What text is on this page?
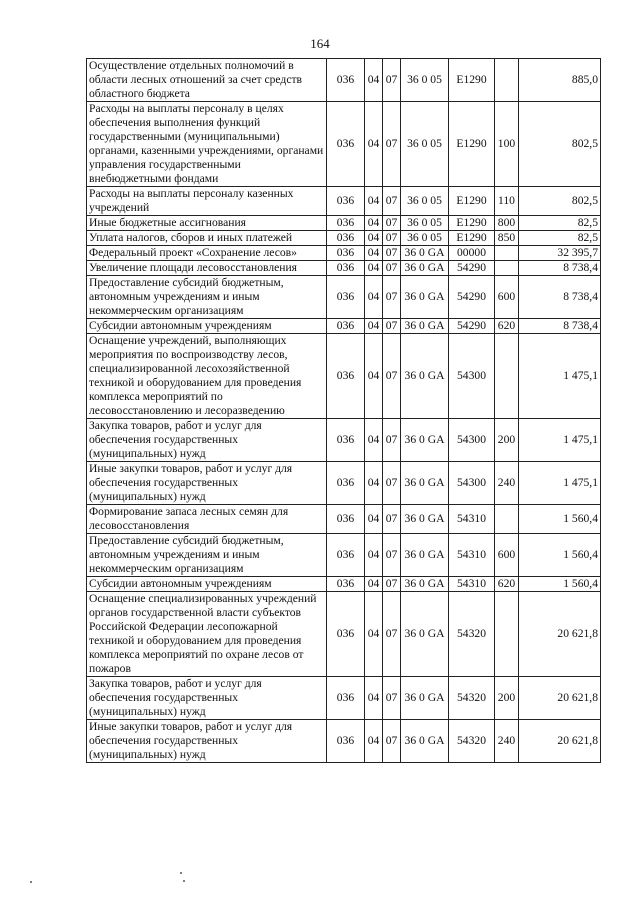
164
Осуществление отдельных полномочий в области лесных отношений за счет средств областного бюджета	036	04	07	36 0 05	E1290		885,0
Расходы на выплаты персоналу в целях обеспечения выполнения функций государственными (муниципальными) органами, казенными учреждениями, органами управления государственными внебюджетными фондами	036	04	07	36 0 05	E1290	100	802,5
Расходы на выплаты персоналу казенных учреждений	036	04	07	36 0 05	E1290	110	802,5
Иные бюджетные ассигнования	036	04	07	36 0 05	E1290	800	82,5
Уплата налогов, сборов и иных платежей	036	04	07	36 0 05	E1290	850	82,5
Федеральный проект «Сохранение лесов»	036	04	07	36 0 GA	00000		32 395,7
Увеличение площади лесовосстановления	036	04	07	36 0 GA	54290		8 738,4
Предоставление субсидий бюджетным, автономным учреждениям и иным некоммерческим организациям	036	04	07	36 0 GA	54290	600	8 738,4
Субсидии автономным учреждениям	036	04	07	36 0 GA	54290	620	8 738,4
Оснащение учреждений, выполняющих мероприятия по воспроизводству лесов, специализированной лесохозяйственной техникой и оборудованием для проведения комплекса мероприятий по лесовосстановлению и лесоразведению	036	04	07	36 0 GA	54300		1 475,1
Закупка товаров, работ и услуг для обеспечения государственных (муниципальных) нужд	036	04	07	36 0 GA	54300	200	1 475,1
Иные закупки товаров, работ и услуг для обеспечения государственных (муниципальных) нужд	036	04	07	36 0 GA	54300	240	1 475,1
Формирование запаса лесных семян для лесовосстановления	036	04	07	36 0 GA	54310		1 560,4
Предоставление субсидий бюджетным, автономным учреждениям и иным некоммерческим организациям	036	04	07	36 0 GA	54310	600	1 560,4
Субсидии автономным учреждениям	036	04	07	36 0 GA	54310	620	1 560,4
Оснащение специализированных учреждений органов государственной власти субъектов Российской Федерации лесопожарной техникой и оборудованием для проведения комплекса мероприятий по охране лесов от пожаров	036	04	07	36 0 GA	54320		20 621,8
Закупка товаров, работ и услуг для обеспечения государственных (муниципальных) нужд	036	04	07	36 0 GA	54320	200	20 621,8
Иные закупки товаров, работ и услуг для обеспечения государственных (муниципальных) нужд	036	04	07	36 0 GA	54320	240	20 621,8
